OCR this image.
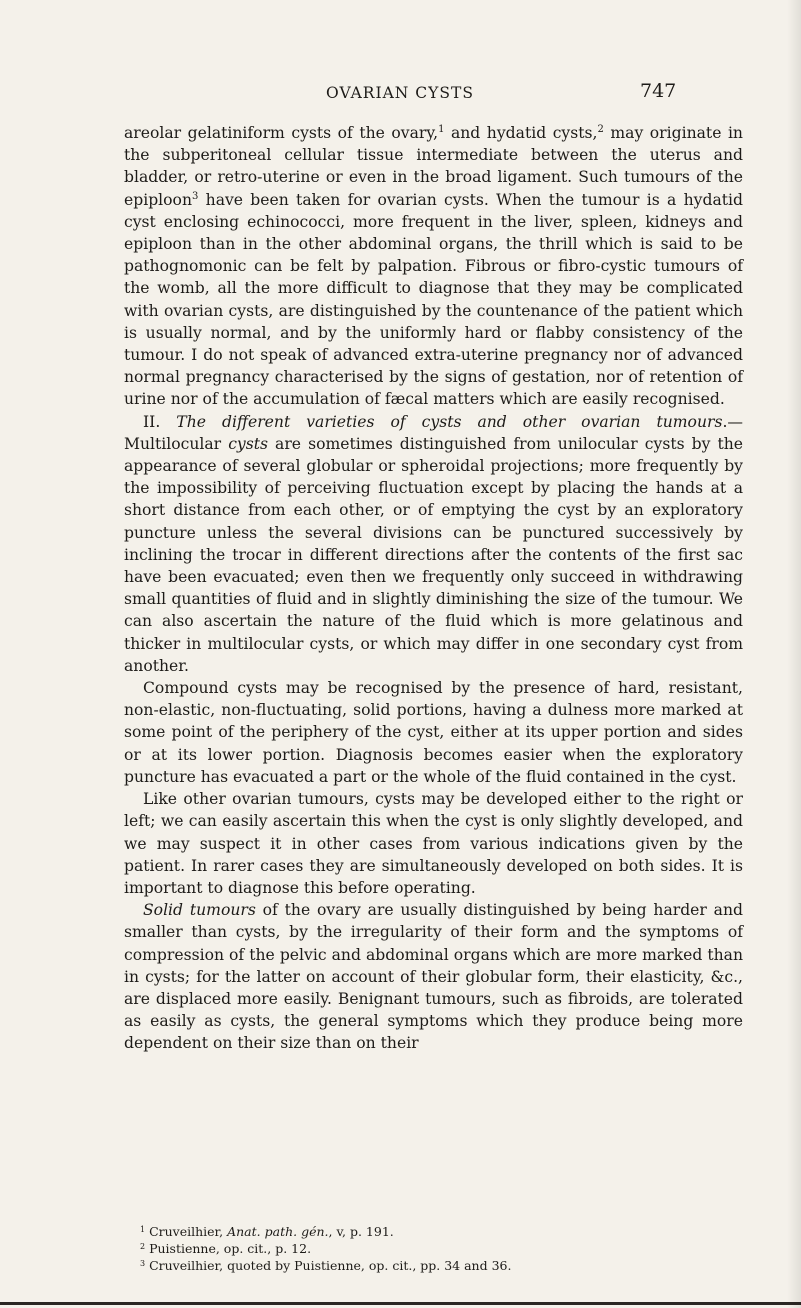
OVARIAN CYSTS	747

areolar gelatiniform cysts of the ovary,$^1$ and hydatid cysts,$^2$ may originate in the subperitoneal cellular tissue intermediate between the uterus and bladder, or retro-uterine or even in the broad ligament. Such tumours of the epiploon$^3$ have been taken for ovarian cysts. When the tumour is a hydatid cyst enclosing echinococci, more frequent in the liver, spleen, kidneys and epiploon than in the other abdominal organs, the thrill which is said to be pathognomonic can be felt by palpation. Fibrous or fibro-cystic tumours of the womb, all the more difficult to diagnose that they may be complicated with ovarian cysts, are distinguished by the countenance of the patient which is usually normal, and by the uniformly hard or flabby consistency of the tumour. I do not speak of advanced extra-uterine pregnancy nor of advanced normal pregnancy characterised by the signs of gestation, nor of retention of urine nor of the accumulation of fæcal matters which are easily recognised.

II. The different varieties of cysts and other ovarian tumours.— Multilocular cysts are sometimes distinguished from unilocular cysts by the appearance of several globular or spheroidal projections; more frequently by the impossibility of perceiving fluctuation except by placing the hands at a short distance from each other, or of emptying the cyst by an exploratory puncture unless the several divisions can be punctured successively by inclining the trocar in different directions after the contents of the first sac have been evacuated; even then we frequently only succeed in withdrawing small quantities of fluid and in slightly diminishing the size of the tumour. We can also ascertain the nature of the fluid which is more gelatinous and thicker in multilocular cysts, or which may differ in one secondary cyst from another.

Compound cysts may be recognised by the presence of hard, resistant, non-elastic, non-fluctuating, solid portions, having a dulness more marked at some point of the periphery of the cyst, either at its upper portion and sides or at its lower portion. Diagnosis becomes easier when the exploratory puncture has evacuated a part or the whole of the fluid contained in the cyst.

Like other ovarian tumours, cysts may be developed either to the right or left; we can easily ascertain this when the cyst is only slightly developed, and we may suspect it in other cases from various indications given by the patient. In rarer cases they are simultaneously developed on both sides. It is important to diagnose this before operating.

Solid tumours of the ovary are usually distinguished by being harder and smaller than cysts, by the irregularity of their form and the symptoms of compression of the pelvic and abdominal organs which are more marked than in cysts; for the latter on account of their globular form, their elasticity, &c., are displaced more easily. Benignant tumours, such as fibroids, are tolerated as easily as cysts, the general symptoms which they produce being more dependent on their size than on their

$^1$ Cruveilhier, Anat. path. gén., v, p. 191.
$^2$ Puistienne, op. cit., p. 12.
$^3$ Cruveilhier, quoted by Puistienne, op. cit., pp. 34 and 36.
